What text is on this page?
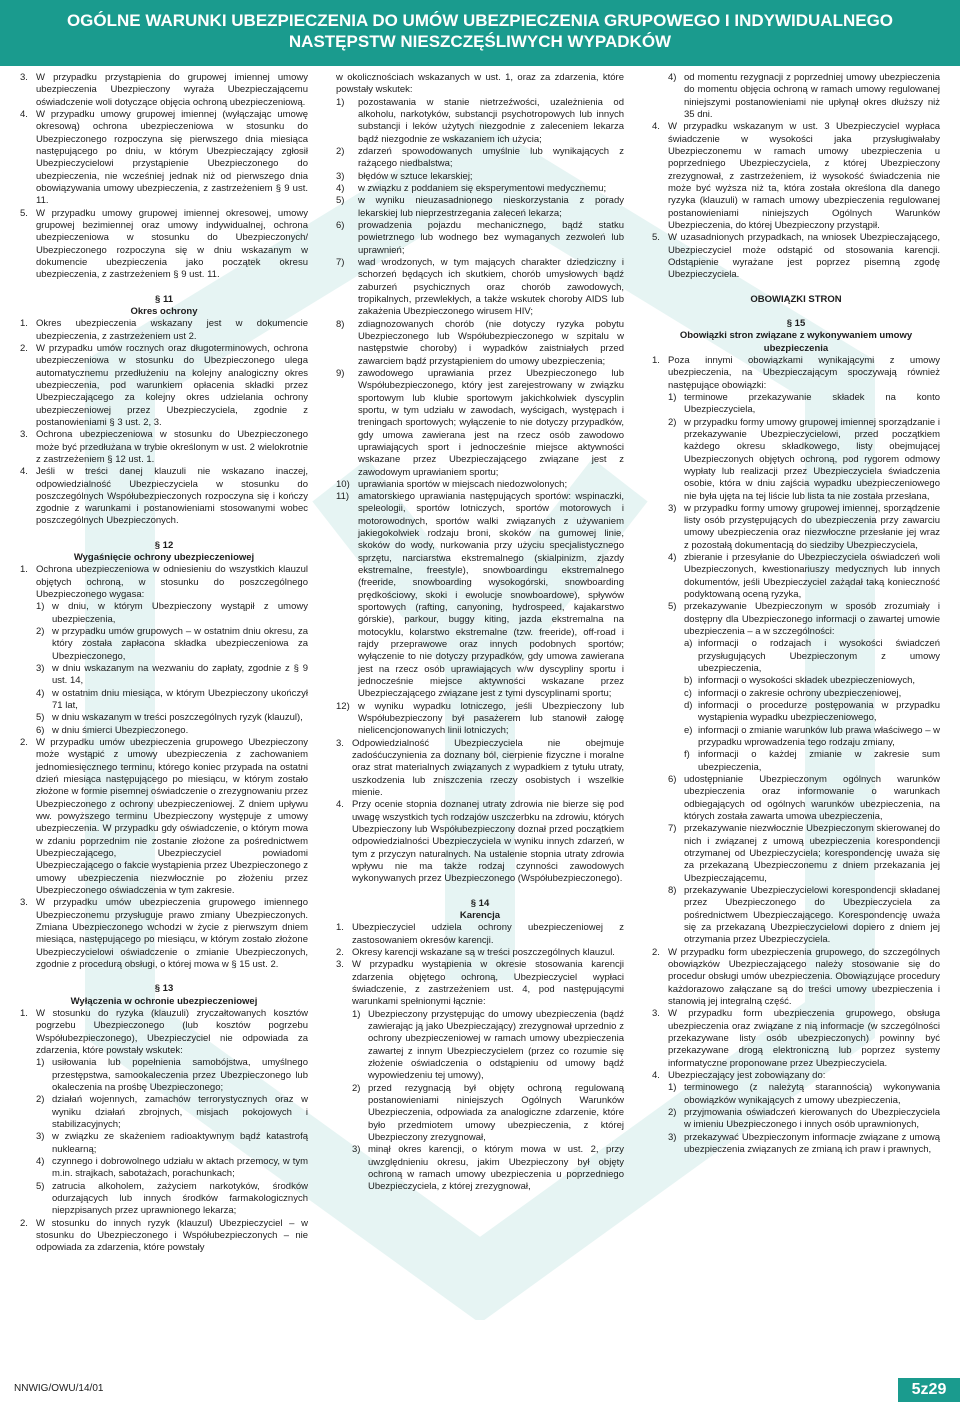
OGÓLNE WARUNKI UBEZPIECZENIA DO UMÓW UBEZPIECZENIA GRUPOWEGO I INDYWIDUALNEGO
NASTĘPSTW NIESZCZĘŚLIWYCH WYPADKÓW
3. W przypadku przystąpienia do grupowej imiennej umowy ubezpieczenia Ubezpieczony wyraża Ubezpieczającemu oświadczenie woli dotyczące objęcia ochroną ubezpieczeniową.
4. W przypadku umowy grupowej imiennej (wyłączając umowę okresową) ochrona ubezpieczeniowa w stosunku do Ubezpieczonego rozpoczyna się pierwszego dnia miesiąca następującego po dniu, w którym Ubezpieczający zgłosił Ubezpieczycielowi przystąpienie Ubezpieczonego do ubezpieczenia, nie wcześniej jednak niż od pierwszego dnia obowiązywania umowy ubezpieczenia, z zastrzeżeniem § 9 ust. 11.
5. W przypadku umowy grupowej imiennej okresowej, umowy grupowej bezimiennej oraz umowy indywidualnej, ochrona ubezpieczeniowa w stosunku do Ubezpieczonych/ Ubezpieczonego rozpoczyna się w dniu wskazanym w dokumencie ubezpieczenia jako początek okresu ubezpieczenia, z zastrzeżeniem § 9 ust. 11.
§ 11
Okres ochrony
1. Okres ubezpieczenia wskazany jest w dokumencie ubezpieczenia, z zastrzeżeniem ust 2.
2. W przypadku umów rocznych oraz długoterminowych, ochrona ubezpieczeniowa w stosunku do Ubezpieczonego ulega automatycznemu przedłużeniu na kolejny analogiczny okres ubezpieczenia, pod warunkiem opłacenia składki przez Ubezpieczającego za kolejny okres udzielania ochrony ubezpieczeniowej przez Ubezpieczyciela, zgodnie z postanowieniami § 3 ust. 2, 3.
3. Ochrona ubezpieczeniowa w stosunku do Ubezpieczonego może być przedłużana w trybie określonym w ust. 2 wielokrotnie z zastrzeżeniem § 12 ust. 1.
4. Jeśli w treści danej klauzuli nie wskazano inaczej, odpowiedzialność Ubezpieczyciela w stosunku do poszczególnych Współubezpieczonych rozpoczyna się i kończy zgodnie z warunkami i postanowieniami stosowanymi wobec poszczególnych Ubezpieczonych.
§ 12
Wygaśnięcie ochrony ubezpieczeniowej
1. Ochrona ubezpieczeniowa w odniesieniu do wszystkich klauzul objętych ochroną, w stosunku do poszczególnego Ubezpieczonego wygasa:
1) w dniu, w którym Ubezpieczony wystąpił z umowy ubezpieczenia,
2) w przypadku umów grupowych – w ostatnim dniu okresu, za który została zapłacona składka ubezpieczeniowa za Ubezpieczonego,
3) w dniu wskazanym na wezwaniu do zapłaty, zgodnie z § 9 ust. 14,
4) w ostatnim dniu miesiąca, w którym Ubezpieczony ukończył 71 lat,
5) w dniu wskazanym w treści poszczególnych ryzyk (klauzul),
6) w dniu śmierci Ubezpieczonego.
2. W przypadku umów ubezpieczenia grupowego Ubezpieczony może wystąpić z umowy ubezpieczenia z zachowaniem jednomiesięcznego terminu, którego koniec przypada na ostatni dzień miesiąca następującego po miesiącu, w którym zostało złożone w formie pisemnej oświadczenie o zrezygnowaniu przez Ubezpieczonego z ochrony ubezpieczeniowej. Z dniem upływu ww. powyższego terminu Ubezpieczony występuje z umowy ubezpieczenia. W przypadku gdy oświadczenie, o którym mowa w zdaniu poprzednim nie zostanie złożone za pośrednictwem Ubezpieczającego, Ubezpieczyciel powiadomi Ubezpieczającego o fakcie wystąpienia przez Ubezpieczonego z umowy ubezpieczenia niezwłocznie po złożeniu przez Ubezpieczonego oświadczenia w tym zakresie.
3. W przypadku umów ubezpieczenia grupowego imiennego Ubezpieczonemu przysługuje prawo zmiany Ubezpieczonych. Zmiana Ubezpieczonego wchodzi w życie z pierwszym dniem miesiąca, następującego po miesiącu, w którym zostało złożone Ubezpieczycielowi oświadczenie o zmianie Ubezpieczonych, zgodnie z procedurą obsługi, o której mowa w § 15 ust. 2.
§ 13
Wyłączenia w ochronie ubezpieczeniowej
1. W stosunku do ryzyka (klauzuli) zryczałtowanych kosztów pogrzebu Ubezpieczonego (lub kosztów pogrzebu Współubezpieczonego), Ubezpieczyciel nie odpowiada za zdarzenia, które powstały wskutek:
1) usiłowania lub popełnienia samobójstwa, umyślnego przestępstwa, samookaleczenia przez Ubezpieczonego lub okaleczenia na prośbę Ubezpieczonego;
2) działań wojennych, zamachów terrorystycznych oraz w wyniku działań zbrojnych, misjach pokojowych i stabilizacyjnych;
3) w związku ze skażeniem radioaktywnym bądź katastrofą nuklearną;
4) czynnego i dobrowolnego udziału w aktach przemocy, w tym m.in. strajkach, sabotażach, porachunkach;
5) zatrucia alkoholem, zażyciem narkotyków, środków odurzających lub innych środków farmakologicznych niepzpisanych przez uprawnionego lekarza;
2. W stosunku do innych ryzyk (klauzul) Ubezpieczyciel – w stosunku do Ubezpieczonego i Współubezpieczonych – nie odpowiada za zdarzenia, które powstały
w okolicznościach wskazanych w ust. 1, oraz za zdarzenia, które powstały wskutek:
1) pozostawania w stanie nietrzeźwości, uzależnienia od alkoholu, narkotyków, substancji psychotropowych lub innych substancji i leków użytych niezgodnie z zaleceniem lekarza bądź niezgodnie ze wskazaniem ich użycia;
2) zdarzeń spowodowanych umyślnie lub wynikających z rażącego niedbalstwa;
3) błędów w sztuce lekarskiej;
4) w związku z poddaniem się eksperymentowi medycznemu;
5) w wyniku nieuzasadnionego nieskorzystania z porady lekarskiej lub nieprzestrzegania zaleceń lekarza;
6) prowadzenia pojazdu mechanicznego, bądź statku powietrznego lub wodnego bez wymaganych zezwoleń lub uprawnień;
7) wad wrodzonych, w tym mających charakter dziedziczny i schorzeń będących ich skutkiem, chorób umysłowych bądź zaburzeń psychicznych oraz chorób zawodowych, tropikalnych, przewlekłych, a także wskutek choroby AIDS lub zakażenia Ubezpieczonego wirusem HIV;
8) zdiagnozowanych chorób (nie dotyczy ryzyka pobytu Ubezpieczonego lub Współubezpieczonego w szpitalu w następstwie choroby) i wypadków zaistniałych przed zawarciem bądź przystąpieniem do umowy ubezpieczenia;
9) zawodowego uprawiania przez Ubezpieczonego lub Współubezpieczonego, który jest zarejestrowany w związku sportowym lub klubie sportowym jakichkolwiek dyscyplin sportu, w tym udziału w zawodach, wyścigach, występach i treningach sportowych; wyłączenie to nie dotyczy przypadków, gdy umowa zawierana jest na rzecz osób zawodowo uprawiających sport i jednocześnie miejsce aktywności wskazane przez Ubezpieczającego związane jest z zawodowym uprawianiem sportu;
10) uprawiania sportów w miejscach niedozwolonych;
11) amatorskiego uprawiania następujących sportów: wspinaczki, speleologii, sportów lotniczych, sportów motorowych i motorowodnych, sportów walki związanych z używaniem jakiegokolwiek rodzaju broni, skoków na gumowej linie, skoków do wody, nurkowania przy użyciu specjalistycznego sprzętu, narciarstwa ekstremalnego (skialpinizm, zjazdy ekstremalne, freestyle), snowboardingu ekstremalnego (freeride, snowboarding wysokogórski, snowboarding prędkościowy, skoki i ewolucje snowboardowe), spływów sportowych (rafting, canyoning, hydrospeed, kajakarstwo górskie), parkour, buggy kiting, jazda ekstremalna na motocyklu, kolarstwo ekstremalne (tzw. freeride), off-road i rajdy przeprawowe oraz innych podobnych sportów; wyłączenie to nie dotyczy przypadków, gdy umowa zawierana jest na rzecz osób uprawiających w/w dyscypliny sportu i jednocześnie miejsce aktywności wskazane przez Ubezpieczającego związane jest z tymi dyscyplinami sportu;
12) w wyniku wypadku lotniczego, jeśli Ubezpieczony lub Współubezpieczony był pasażerem lub stanowił załogę nielicencjonowanych linii lotniczych;
3. Odpowiedzialność Ubezpieczyciela nie obejmuje zadośćuczynienia za doznany ból, cierpienie fizyczne i moralne oraz strat materialnych związanych z wypadkiem z tytułu utraty, uszkodzenia lub zniszczenia rzeczy osobistych i wszelkie mienie.
4. Przy ocenie stopnia doznanej utraty zdrowia nie bierze się pod uwagę wszystkich tych rodzajów uszczerbku na zdrowiu, których Ubezpieczony lub Współubezpieczony doznał przed początkiem odpowiedzialności Ubezpieczyciela w wyniku innych zdarzeń, w tym z przyczyn naturalnych. Na ustalenie stopnia utraty zdrowia wpływu nie ma także rodzaj czynności zawodowych wykonywanych przez Ubezpieczonego (Współubezpieczonego).
§ 14
Karencja
1. Ubezpieczyciel udziela ochrony ubezpieczeniowej z zastosowaniem okresów karencji.
2. Okresy karencji wskazane są w treści poszczególnych klauzul.
3. W przypadku wystąpienia w okresie stosowania karencji zdarzenia objętego ochroną, Ubezpieczyciel wypłaci świadczenie, z zastrzeżeniem ust. 4, pod następującymi warunkami spełnionymi łącznie:
1) Ubezpieczony przystępując do umowy ubezpieczenia (bądź zawierając ją jako Ubezpieczający) zrezygnował uprzednio z ochrony ubezpieczeniowej w ramach umowy ubezpieczenia zawartej z innym Ubezpieczycielem (przez co rozumie się złożenie oświadczenia o odstąpieniu od umowy bądź wypowiedzeniu tej umowy),
2) przed rezygnacją był objęty ochroną regulowaną postanowieniami niniejszych Ogólnych Warunków Ubezpieczenia, odpowiada za analogiczne zdarzenie, które było przedmiotem umowy ubezpieczenia, z której Ubezpieczony zrezygnował,
3) minął okres karencji, o którym mowa w ust. 2, przy uwzględnieniu okresu, jakim Ubezpieczony był objęty ochroną w ramach umowy ubezpieczenia u poprzedniego Ubezpieczyciela, z której zrezygnował,
4) od momentu rezygnacji z poprzedniej umowy ubezpieczenia do momentu objęcia ochroną w ramach umowy regulowanej niniejszymi postanowieniami nie upłynął okres dłuższy niż 35 dni.
4. W przypadku wskazanym w ust. 3 Ubezpieczyciel wypłaca świadczenie w wysokości jaka przysługiwałaby Ubezpieczonemu w ramach umowy ubezpieczenia u poprzedniego Ubezpieczyciela, z której Ubezpieczony zrezygnował, z zastrzeżeniem, iż wysokość świadczenia nie może być wyższa niż ta, która została określona dla danego ryzyka (klauzuli) w ramach umowy ubezpieczenia regulowanej postanowieniami niniejszych Ogólnych Warunków Ubezpieczenia, do której Ubezpieczony przystąpił.
5. W uzasadnionych przypadkach, na wniosek Ubezpieczającego, Ubezpieczyciel może odstąpić od stosowania karencji. Odstąpienie wyrażane jest poprzez pisemną zgodę Ubezpieczyciela.
OBOWIĄZKI STRON
§ 15
Obowiązki stron związane z wykonywaniem umowy ubezpieczenia
1. Poza innymi obowiązkami wynikającymi z umowy ubezpieczenia, na Ubezpieczającym spoczywają również następujące obowiązki:
1) terminowe przekazywanie składek na konto Ubezpieczyciela,
2) w przypadku formy umowy grupowej imiennej sporządzanie i przekazywanie Ubezpieczycielowi, przed początkiem każdego okresu składkowego, listy obejmującej Ubezpieczonych objętych ochroną, pod rygorem odmowy wypłaty lub realizacji przez Ubezpieczyciela świadczenia osobie, która w dniu zajścia wypadku ubezpieczeniowego nie była ujęta na tej liście lub lista ta nie została przesłana,
3) w przypadku formy umowy grupowej imiennej, sporządzenie listy osób przystępujących do ubezpieczenia przy zawarciu umowy ubezpieczenia oraz niezwłoczne przesłanie jej wraz z pozostałą dokumentacją do siedziby Ubezpieczyciela,
4) zbieranie i przesyłanie do Ubezpieczyciela oświadczeń woli Ubezpieczonych, kwestionariuszy medycznych lub innych dokumentów, jeśli Ubezpieczyciel zażądał taką konieczność podyktowaną oceną ryzyka,
5) przekazywanie Ubezpieczonym w sposób zrozumiały i dostępny dla Ubezpieczonego informacji o zawartej umowie ubezpieczenia – a w szczególności:
a) informacji o rodzajach i wysokości świadczeń przysługujących Ubezpieczonym z umowy ubezpieczenia,
b) informacji o wysokości składek ubezpieczeniowych,
c) informacji o zakresie ochrony ubezpieczeniowej,
d) informacji o procedurze postępowania w przypadku wystąpienia wypadku ubezpieczeniowego,
e) informacji o zmianie warunków lub prawa właściwego – w przypadku wprowadzenia tego rodzaju zmiany,
f) informacji o każdej zmianie w zakresie sum ubezpieczenia,
6) udostępnianie Ubezpieczonym ogólnych warunków ubezpieczenia oraz informowanie o warunkach odbiegających od ogólnych warunków ubezpieczenia, na których została zawarta umowa ubezpieczenia,
7) przekazywanie niezwłocznie Ubezpieczonym skierowanej do nich i związanej z umową ubezpieczenia korespondencji otrzymanej od Ubezpieczyciela; korespondencję uważa się za przekazaną Ubezpieczonemu z dniem przekazania jej Ubezpieczającemu,
8) przekazywanie Ubezpieczycielowi korespondencji składanej przez Ubezpieczonego do Ubezpieczyciela za pośrednictwem Ubezpieczającego. Korespondencję uważa się za przekazaną Ubezpieczycielowi dopiero z dniem jej otrzymania przez Ubezpieczyciela.
2. W przypadku form ubezpieczenia grupowego, do szczególnych obowiązków Ubezpieczającego należy stosowanie się do procedur obsługi umów ubezpieczenia. Obowiązujące procedury każdorazowo załączane są do treści umowy ubezpieczenia i stanowią jej integralną część.
3. W przypadku form ubezpieczenia grupowego, obsługa ubezpieczenia oraz związane z nią informacje (w szczególności przekazywane listy osób ubezpieczonych) powinny być przekazywane drogą elektroniczną lub poprzez systemy informatyczne proponowane przez Ubezpieczyciela.
4. Ubezpieczający jest zobowiązany do:
1) terminowego (z należytą starannością) wykonywania obowiązków wynikających z umowy ubezpieczenia,
2) przyjmowania oświadczeń kierowanych do Ubezpieczyciela w imieniu Ubezpieczonego i innych osób uprawnionych,
3) przekazywać Ubezpieczonym informacje związane z umową ubezpieczenia związanych ze zmianą ich praw i prawnych,
NNWIG/OWU/14/01	5z29
